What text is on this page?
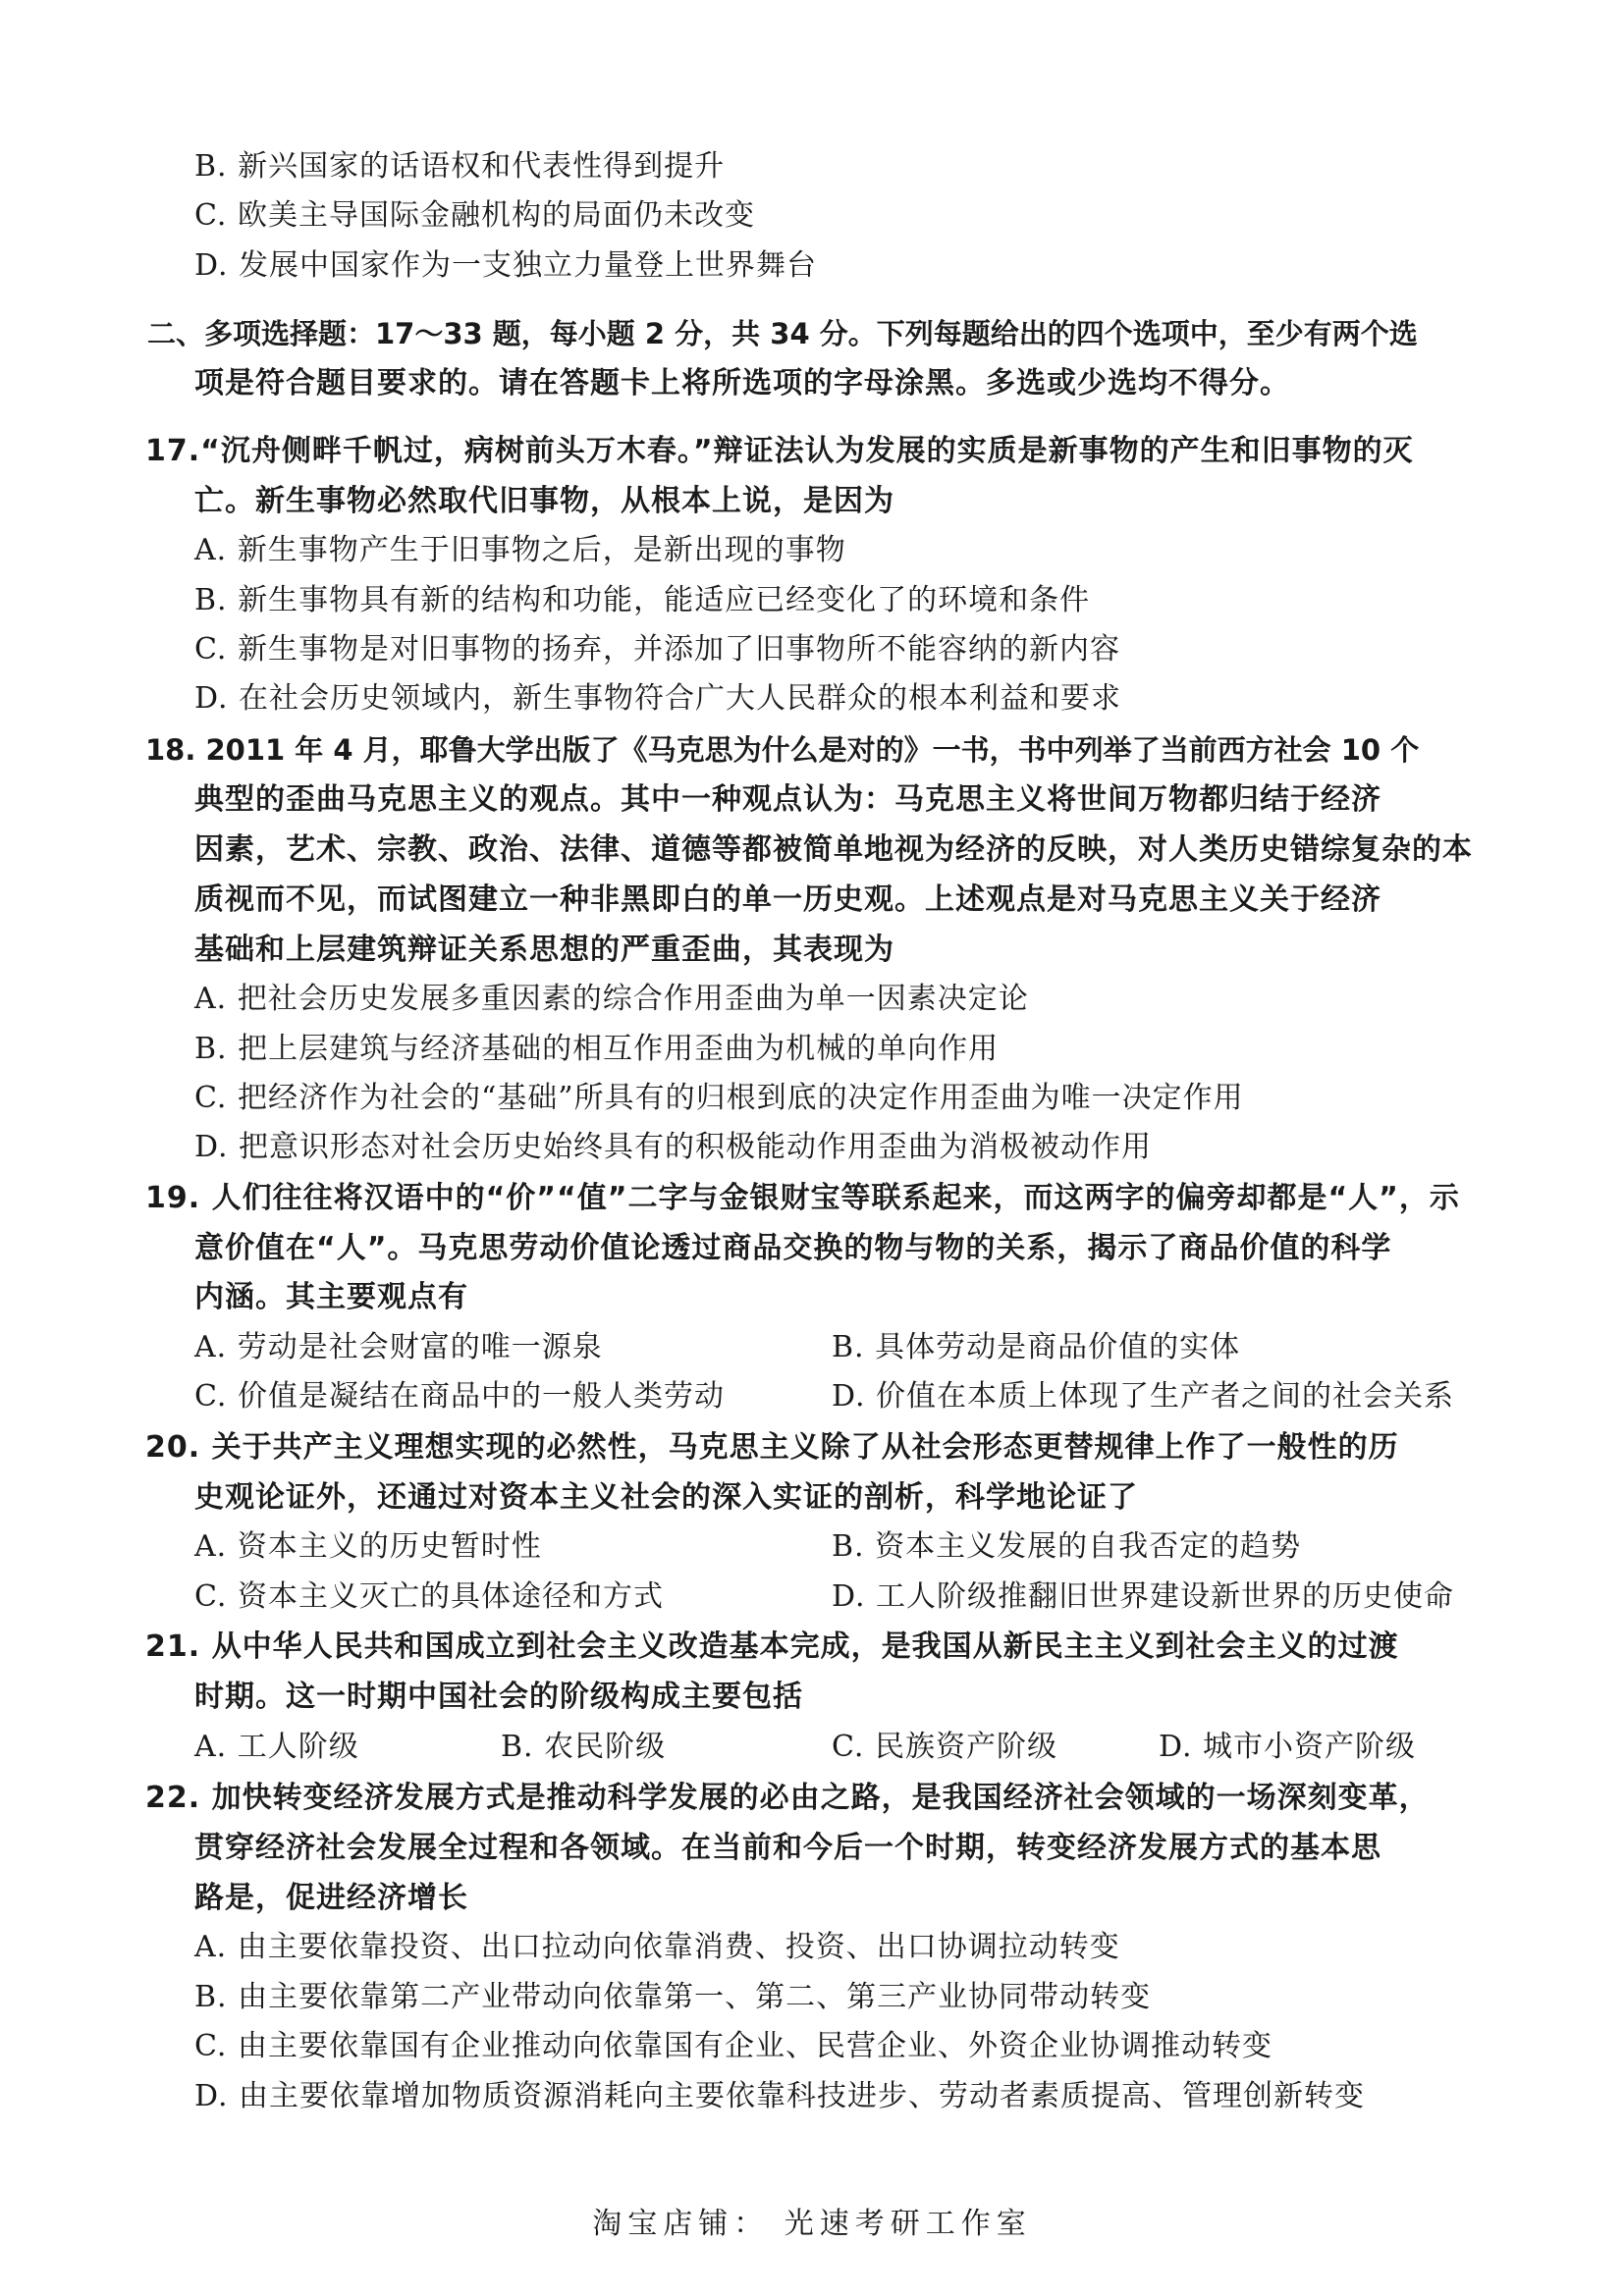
B. 新兴国家的话语权和代表性得到提升
C. 欧美主导国际金融机构的局面仍未改变
D. 发展中国家作为一支独立力量登上世界舞台
二、多项选择题：17～33 题，每小题 2 分，共 34 分。下列每题给出的四个选项中，至少有两个选
项是符合题目要求的。请在答题卡上将所选项的字母涂黑。多选或少选均不得分。
17.“沉舟侧畔千帆过，病树前头万木春。”辩证法认为发展的实质是新事物的产生和旧事物的灭
亡。新生事物必然取代旧事物，从根本上说，是因为
A. 新生事物产生于旧事物之后，是新出现的事物
B. 新生事物具有新的结构和功能，能适应已经变化了的环境和条件
C. 新生事物是对旧事物的扬弃，并添加了旧事物所不能容纳的新内容
D. 在社会历史领域内，新生事物符合广大人民群众的根本利益和要求
18. 2011 年 4 月，耶鲁大学出版了《马克思为什么是对的》一书，书中列举了当前西方社会 10 个
典型的歪曲马克思主义的观点。其中一种观点认为：马克思主义将世间万物都归结于经济
因素，艺术、宗教、政治、法律、道德等都被简单地视为经济的反映，对人类历史错综复杂的本
质视而不见，而试图建立一种非黑即白的单一历史观。上述观点是对马克思主义关于经济
基础和上层建筑辩证关系思想的严重歪曲，其表现为
A. 把社会历史发展多重因素的综合作用歪曲为单一因素决定论
B. 把上层建筑与经济基础的相互作用歪曲为机械的单向作用
C. 把经济作为社会的“基础”所具有的归根到底的决定作用歪曲为唯一决定作用
D. 把意识形态对社会历史始终具有的积极能动作用歪曲为消极被动作用
19. 人们往往将汉语中的“价”“值”二字与金银财宝等联系起来，而这两字的偏旁却都是“人”，示
意价值在“人”。马克思劳动价值论透过商品交换的物与物的关系，揭示了商品价值的科学
内涵。其主要观点有
A. 劳动是社会财富的唯一源泉	B. 具体劳动是商品价值的实体
C. 价值是凝结在商品中的一般人类劳动	D. 价值在本质上体现了生产者之间的社会关系
20. 关于共产主义理想实现的必然性，马克思主义除了从社会形态更替规律上作了一般性的历
史观论证外，还通过对资本主义社会的深入实证的剖析，科学地论证了
A. 资本主义的历史暂时性	B. 资本主义发展的自我否定的趋势
C. 资本主义灭亡的具体途径和方式	D. 工人阶级推翻旧世界建设新世界的历史使命
21. 从中华人民共和国成立到社会主义改造基本完成，是我国从新民主主义到社会主义的过渡
时期。这一时期中国社会的阶级构成主要包括
A. 工人阶级	B. 农民阶级	C. 民族资产阶级	D. 城市小资产阶级
22. 加快转变经济发展方式是推动科学发展的必由之路，是我国经济社会领域的一场深刻变革，
贯穿经济社会发展全过程和各领域。在当前和今后一个时期，转变经济发展方式的基本思
路是，促进经济增长
A. 由主要依靠投资、出口拉动向依靠消费、投资、出口协调拉动转变
B. 由主要依靠第二产业带动向依靠第一、第二、第三产业协同带动转变
C. 由主要依靠国有企业推动向依靠国有企业、民营企业、外资企业协调推动转变
D. 由主要依靠增加物质资源消耗向主要依靠科技进步、劳动者素质提高、管理创新转变
淘宝店铺： 光速考研工作室
